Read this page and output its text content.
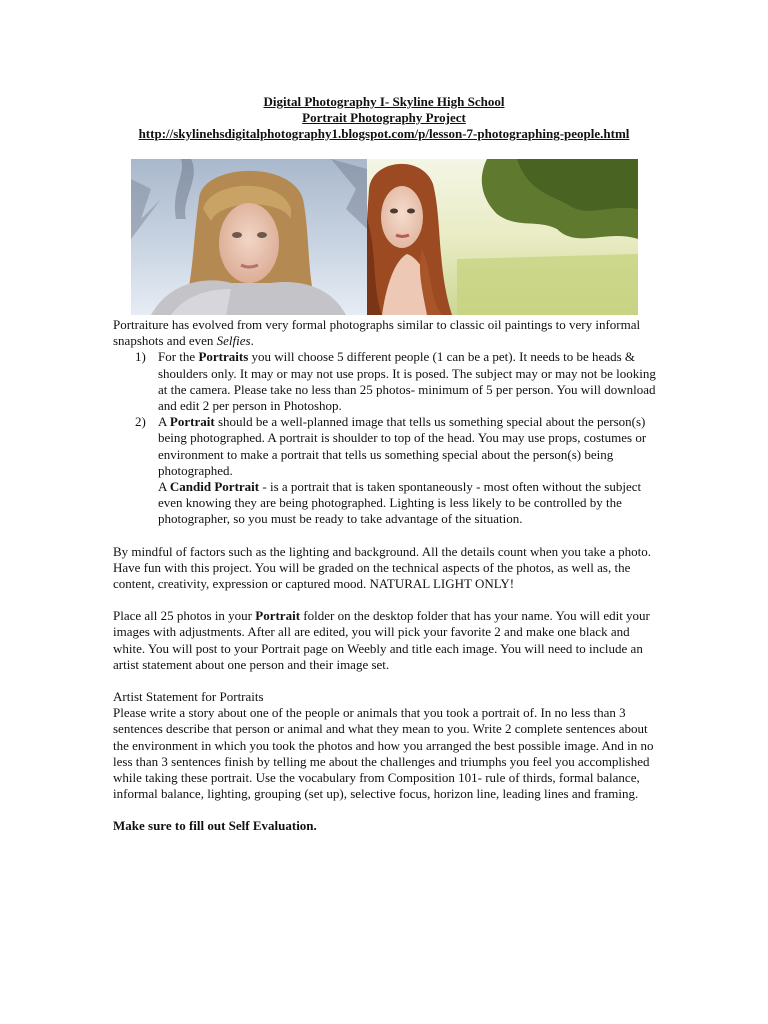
Digital Photography I- Skyline High School
Portrait Photography Project
http://skylinehsdigitalphotography1.blogspot.com/p/lesson-7-photographing-people.html

Portraiture has evolved from very formal photographs similar to classic oil paintings to very informal snapshots and even Selfies.

1) For the Portraits you will choose 5 different people (1 can be a pet). It needs to be heads & shoulders only. It may or may not use props. It is posed. The subject may or may not be looking at the camera. Please take no less than 25 photos- minimum of 5 per person. You will download and edit 2 per person in Photoshop.
2) A Portrait should be a well-planned image that tells us something special about the person(s) being photographed. A portrait is shoulder to top of the head. You may use props, costumes or environment to make a portrait that tells us something special about the person(s) being photographed.

A Candid Portrait - is a portrait that is taken spontaneously - most often without the subject even knowing they are being photographed. Lighting is less likely to be controlled by the photographer, so you must be ready to take advantage of the situation.

By mindful of factors such as the lighting and background. All the details count when you take a photo. Have fun with this project. You will be graded on the technical aspects of the photos, as well as, the content, creativity, expression or captured mood. NATURAL LIGHT ONLY!

Place all 25 photos in your Portrait folder on the desktop folder that has your name. You will edit your images with adjustments. After all are edited, you will pick your favorite 2 and make one black and white. You will post to your Portrait page on Weebly and title each image. You will need to include an artist statement about one person and their image set.

Artist Statement for Portraits

Please write a story about one of the people or animals that you took a portrait of. In no less than 3 sentences describe that person or animal and what they mean to you. Write 2 complete sentences about the environment in which you took the photos and how you arranged the best possible image. And in no less than 3 sentences finish by telling me about the challenges and triumphs you feel you accomplished while taking these portrait. Use the vocabulary from Composition 101- rule of thirds, formal balance, informal balance, lighting, grouping (set up), selective focus, horizon line, leading lines and framing.

Make sure to fill out Self Evaluation.
